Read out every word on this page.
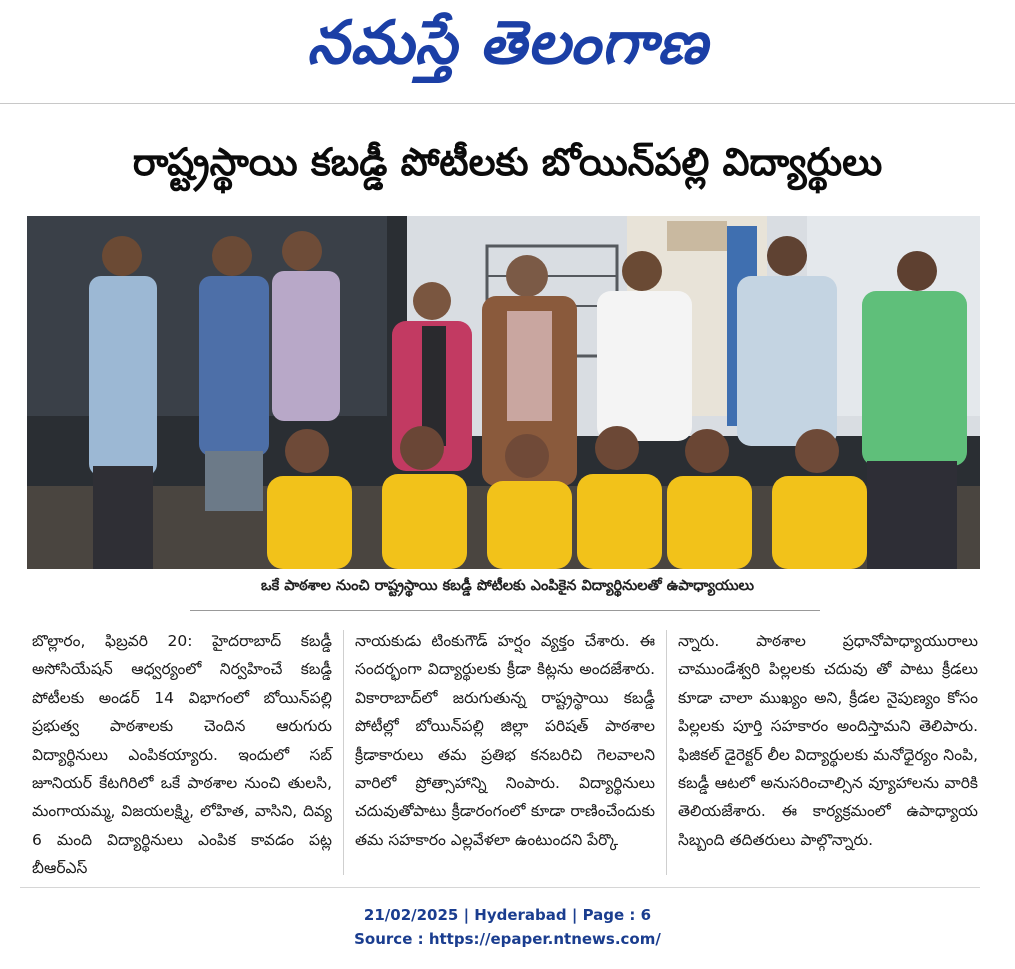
నమస్తే తెలంగాణ
రాష్ట్రస్థాయి కబడ్డీ పోటీలకు బోయిన్‌పల్లి విద్యార్థులు
ఒకే పాఠశాల నుంచి రాష్ట్రస్థాయి కబడ్డీ పోటీలకు ఎంపికైన విద్యార్థినులతో ఉపాధ్యాయులు
బొల్లారం, ఫిబ్రవరి 20: హైదరాబాద్ కబడ్డీ అసోసియేషన్ ఆధ్వర్యంలో నిర్వహించే కబడ్డీ పోటీలకు అండర్ 14 విభాగంలో బోయిన్‌పల్లి ప్రభుత్వ పాఠశాలకు చెందిన ఆరుగురు విద్యార్థినులు ఎంపికయ్యారు. ఇందులో సబ్ జూనియర్ కేటగిరిలో ఒకే పాఠశాల నుంచి తులసి, మంగాయమ్మ, విజయలక్ష్మి, లోహిత, వాసిని, దివ్య 6 మంది విద్యార్థినులు ఎంపిక కావడం పట్ల బీఆర్‌ఎస్
నాయకుడు టింకుగౌడ్ హర్షం వ్యక్తం చేశారు. ఈ సందర్భంగా విద్యార్థులకు క్రీడా కిట్లను అందజేశారు. వికారాబాద్‌లో జరుగుతున్న రాష్ట్రస్థాయి కబడ్డీ పోటీల్లో బోయిన్‌పల్లి జిల్లా పరిషత్ పాఠశాల క్రీడాకారులు తమ ప్రతిభ కనబరిచి గెలవాలని వారిలో ప్రోత్సాహాన్ని నింపారు. విద్యార్థినులు చదువుతోపాటు క్రీడారంగంలో కూడా రాణించేందుకు తమ సహకారం ఎల్లవేళలా ఉంటుందని పేర్కొ
న్నారు. పాఠశాల ప్రధానోపాధ్యాయురాలు చాముండేశ్వరి పిల్లలకు చదువు తో పాటు క్రీడలు కూడా చాలా ముఖ్యం అని, క్రీడల నైపుణ్యం కోసం పిల్లలకు పూర్తి సహకారం అందిస్తామని తెలిపారు. ఫిజికల్ డైరెక్టర్ లీల విద్యార్థులకు మనోధైర్యం నింపి, కబడ్డీ ఆటలో అనుసరించాల్సిన వ్యూహాలను వారికి తెలియజేశారు. ఈ కార్యక్రమంలో ఉపాధ్యాయ సిబ్బంది తదితరులు పాల్గొన్నారు.
21/02/2025 | Hyderabad | Page : 6
Source : https://epaper.ntnews.com/
